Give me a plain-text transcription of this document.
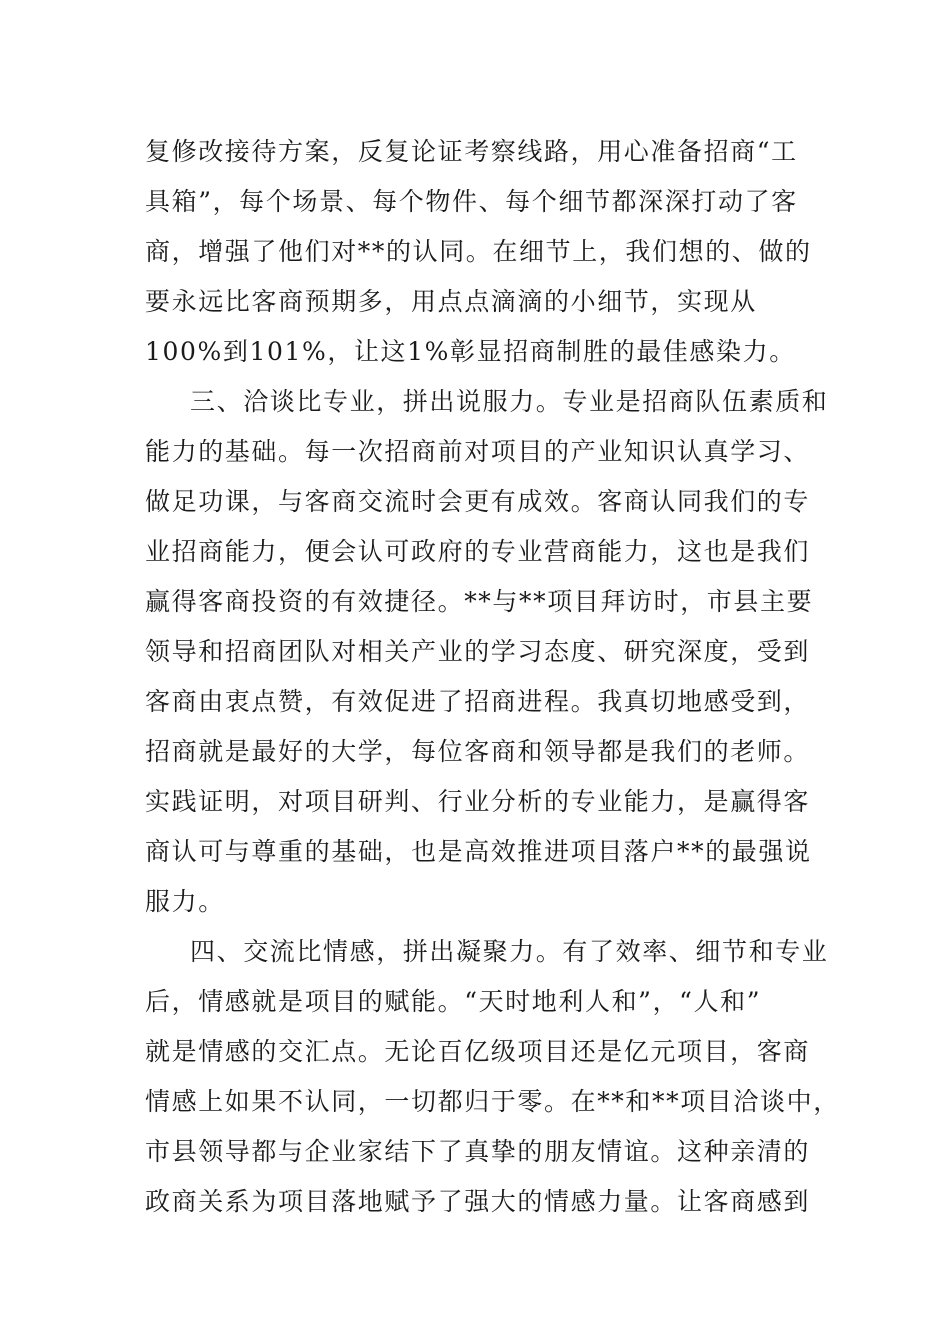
复修改接待方案，反复论证考察线路，用心准备招商“工
具箱”，每个场景、每个物件、每个细节都深深打动了客
商，增强了他们对**的认同。在细节上，我们想的、做的
要永远比客商预期多，用点点滴滴的小细节，实现从
100%到101%，让这1%彰显招商制胜的最佳感染力。
三、洽谈比专业，拼出说服力。专业是招商队伍素质和
能力的基础。每一次招商前对项目的产业知识认真学习、
做足功课，与客商交流时会更有成效。客商认同我们的专
业招商能力，便会认可政府的专业营商能力，这也是我们
赢得客商投资的有效捷径。**与**项目拜访时，市县主要
领导和招商团队对相关产业的学习态度、研究深度，受到
客商由衷点赞，有效促进了招商进程。我真切地感受到，
招商就是最好的大学，每位客商和领导都是我们的老师。
实践证明，对项目研判、行业分析的专业能力，是赢得客
商认可与尊重的基础，也是高效推进项目落户**的最强说
服力。
四、交流比情感，拼出凝聚力。有了效率、细节和专业
后，情感就是项目的赋能。“天时地利人和”，“人和”
就是情感的交汇点。无论百亿级项目还是亿元项目，客商
情感上如果不认同，一切都归于零。在**和**项目洽谈中，
市县领导都与企业家结下了真挚的朋友情谊。这种亲清的
政商关系为项目落地赋予了强大的情感力量。让客商感到
